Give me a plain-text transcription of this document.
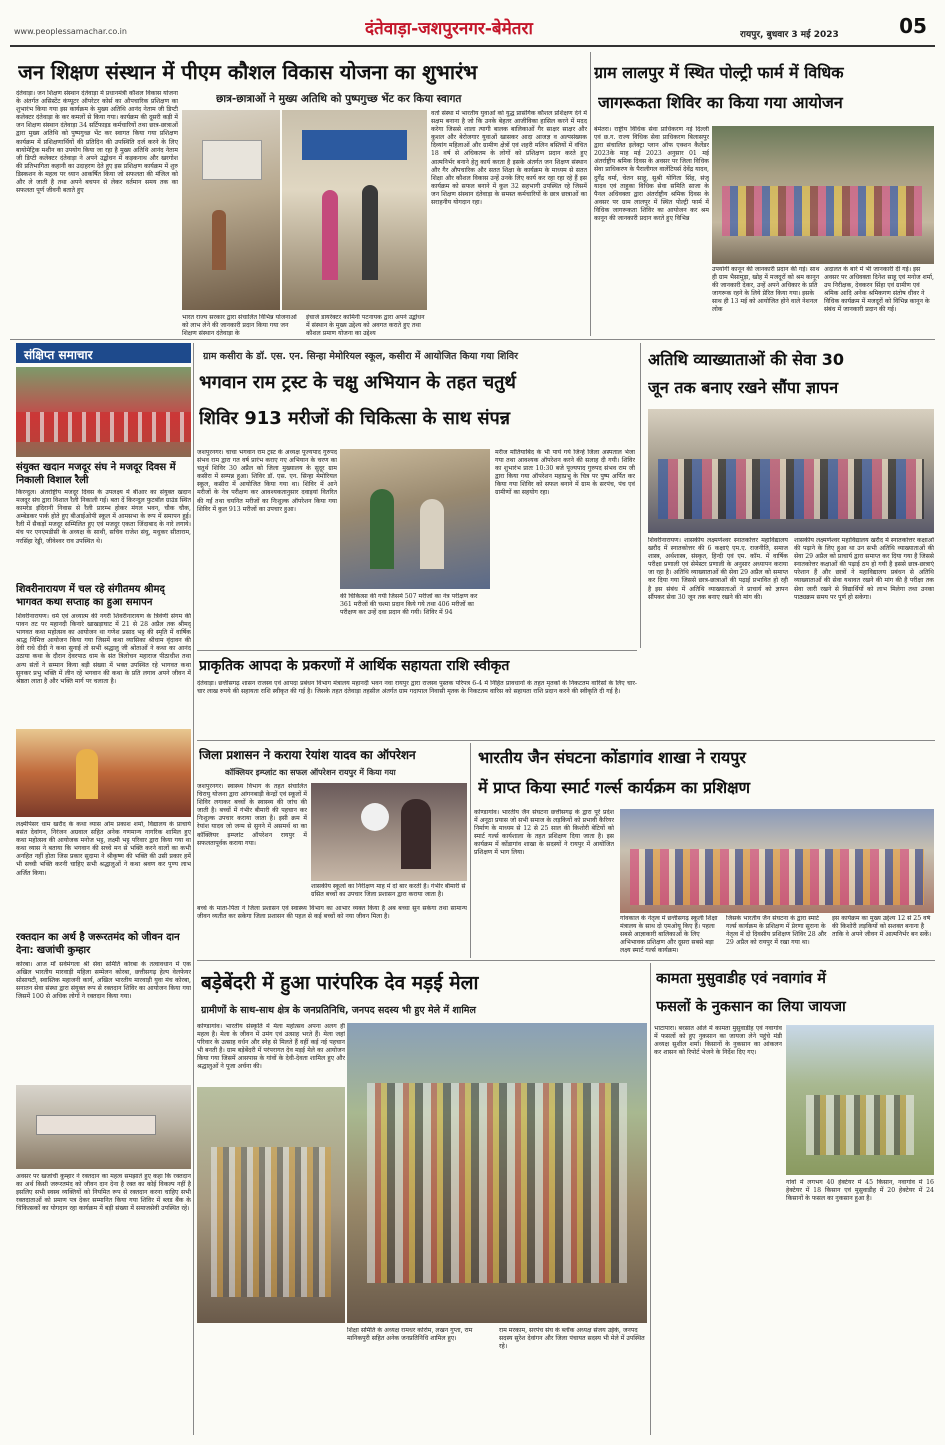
www.peoplessamachar.co.in	दंतेवाड़ा-जशपुरनगर-बेमेतरा	रायपुर, बुधवार 3 मई 2023	05
जन शिक्षण संस्थान में पीएम कौशल विकास योजना का शुभारंभ
छात्र-छात्राओं ने मुख्य अतिथि को पुष्पगुच्छ भेंट कर किया स्वागत
दंतेवाड़ा। जन शिक्षण संस्थान दंतेवाड़ा में प्रधानमंत्री कौशल विकास योजना के अंतर्गत असिस्टेंट कंप्यूटर ऑपरेटर कोर्स का औपचारिक प्रशिक्षण का शुभारंभ किया गया इस कार्यक्रम के मुख्य अतिथि आनंद नेताम जी डिप्टी कलेक्टर दंतेवाड़ा के कर कमलों से किया गया। कार्यक्रम की दूसरी कड़ी में जन शिक्षण संस्थान दंतेवाड़ा 34 सर्टिफाइड कर्मचारियों तथा छात्र-छात्राओं द्वारा मुख्य अतिथि को पुष्पगुच्छ भेंट कर स्वागत किया गया प्रशिक्षण कार्यक्रम में प्रशिक्षणार्थियों की प्रतिदिन की उपस्थिति दर्ज करने के लिए बायोमेट्रिक मशीन का उपयोग किया जा रहा है मुख्य अतिथि आनंद नेताम जी डिप्टी कलेक्टर दंतेवाड़ा ने अपने उद्बोधन में कड़कनाथ और खरगोश की प्रतिभागिता कहानी का उदाहरण देते हुए इस प्रशिक्षण कार्यक्रम में शुरु डिस्कशन के महत्व पर ध्यान आकर्षित किया जो सफलता की मंजिल को और ले जाती है तथा अपने बचपन से लेकर वर्तमान समय तक का सफलता पूर्ण जीवनी बताते हुए
भारत राज्य सरकार द्वारा संचालित विभिन्न योजनाओं को लाभ लेने की जानकारी प्रदान किया गया जन शिक्षण संस्थान दंतेवाड़ा के
इंचार्ज डायरेक्टर कामिनी पटनायक द्वारा अपने उद्बोधन में संस्थान के मुख्य उद्देश्य को अवगत कराते हुए तथा कौशल प्रमाण योजना का उद्देश्य
वर्तो संस्था में भारतीय युवाओं को युद्ध प्रासंगिक कौशल प्रशिक्षण देने में सक्षम बनाना है जो कि उनके बेहतर आजीविका हासिल करने में मदद करेगा जिससे शाला त्यागी बालक बालिकाओं गैर साक्षर साक्षर और कुशल और बेरोजगार युवाओं खासकर आदा आजज्ञ व अल्पसंख्यक दिव्यांग महिलाओं और ग्रामीण क्षेत्रों एवं शहरी मलिन बस्तियों में वंचित 18 वर्ष से अधिकतम के लोगों को प्रशिक्षण प्रदान करते हुए आत्मनिर्भर बनाने हेतु कार्य करता है इसके अंतर्गत जन शिक्षण संस्थान और गैर औपचारिक और सतत शिक्षा के कार्यक्रम के माध्यम से सतत शिक्षा और कौशल विकास उन्हें उनके लिए कार्य कर रहा रहा रहे हैं इस कार्यक्रम को सफल बनाने में कुल 32 सहभागी उपस्थित रहे जिसमें जन शिक्षण संस्थान दंतेवाड़ा के समस्त कर्मचारियों के छात्र छात्राओं का सराहनीय योगदान रहा।
ग्राम लालपुर में स्थित पोल्ट्री फार्म में विधिक
जागरूकता शिविर का किया गया आयोजन
बेमेतरा। राष्ट्रीय विधिक सेवा प्राधिकरण नई दिल्ली एवं छ.ग. राज्य विधिक सेवा प्राधिकरण बिलासपुर द्वारा संचालित इलेक्ट्रा प्लान ऑफ एक्शन कैलेंडर 2023के माह मई 2023 अनुसार 01 मई अंतर्राष्ट्रीय श्रमिक दिवस के अवसर पर जिला विधिक सेवा प्राधिकरण के पैरालीगल वालेंटियर्स देवेंद्र यादव, दुर्गेंद्र वर्मा, चेतन साहू, सुश्री योगिता सिंह, संजू यादव एवं ताहुका विधिक सेवा समिति साजा के पैनल अधिवक्ता द्वारा अंतर्राष्ट्रीय श्रमिक दिवस के अवसर पर ग्राम लालपुर में स्थित पोल्ट्री फार्म में विधिक जागरूकता शिविर का आयोजन कर श्रम कानून की जानकारी प्रदान करते हुए विभिन्न
उपयोगी कानून की जानकारी प्रदान की गई। साथ ही ग्राम भैसामुड़ा, खोह में मजदूरों को श्रम कानून की जानकारी देकर, उन्हें अपने अधिकार के प्रति जागरूक रहने के लिये प्रेरित किया गया। इसके साथ ही 13 मई को आयोजित होने वाले नेशनल लोक
अदालत के बारे में भी जानकारी दी गई। इस अवसर पर अधिवक्ता दिनेश साहू एवं मनोज शर्मा, उप निरीक्षक, देवकरन सिंहा एवं ग्रामीण एवं श्रमिक आदि अनेक श्रमिकगण संतोष धीवर ने विधिक कार्यक्रम में मजदूरों को विभिन्न कानून के संबंध में जानकारी प्रदान की गई।
संक्षिप्त समाचार
संयुक्त खदान मजदूर संघ ने मजदूर दिवस में निकाली विशाल रैली
किरन्दुल। अंतर्राष्ट्रीय मजदूर दिवस के उपलक्ष्य में बीआर का संयुक्त खदान मजदूर संघ द्वारा विशाल रैली निकाली गई। बता दें किरन्दुल फुटबॉल ग्राउंड स्थित कामरेड इंदिरानी निवास से रैली प्रारम्भ होकर मंगल भवन, चौक चौक, अम्बेडकर पार्क होते हुए बीआईओपी स्कूल में आमसभा के रूप में समापन हुई। रैली में सैकड़ों मजदूर सम्मिलित हुए एवं मजदूर एकता जिंदाबाद के नारे लगाये। मंच पर एनएमडीसी के अध्यक्ष के साथी, सचिव राजेश संधु, मधुकर सीताराम, नरसिंहा रेड्डी, जीवेश्वर राव उपस्थित थे।
शिवरीनारायण में चल रहे संगीतमय श्रीमद् भागवत कथा सप्ताह का हुआ समापन
शिवरीनारायण। धर्म एवं अध्यात्म की नगरी शिवरीनारायण के त्रिवेणी संगम की पावन तट पर महानदी किनारे खाखड़ाघाट में 21 से 28 अप्रैल तक श्रीमद् भागवत कथा महोत्सव का आयोजन था गणेश प्रसाद भट्ट की स्मृति में वार्षिक श्राद्ध निमित्त आयोजन किया गया जिसमें कथा व्यासिका श्रीधाम वृंदावन की देवी राधे दीदी ने कथा सुनाई तो सभी श्रद्धालु जी श्रोताओं ने कथा का आनंद उठाया कथा के दौरान देवरपाठ धाम के संत त्रिलोचन महाराज पीठाधीश तथा अन्य संतों ने सम्मान किया बड़ी संख्या में भक्त उपस्थित रहे भागवत कथा सुनकर प्रभु भक्ति में लीन रहे भगवान की कथा के प्रति लगाव अपने जीवन में श्रेष्ठता लाता है और भक्ति मार्ग पर चलाता है।
लक्ष्मीपेसर धाम खरौद के कथा व्यास ओम प्रकाश शर्मा, विद्यालय के प्राचार्य बसंत देवांगन, निरंजन अग्रवाल सहित अनेक गणमान्य नागरिक शामिल हुए कथा महोत्सव की आयोजक मनोज भट्ट, लक्ष्मी भट्ट परिवार द्वारा किया गया था कथा व्यास ने बताया कि भगवान की सच्चे मन से भक्ति करने वालों का कभी अनहित नहीं होता जिस प्रकार सुदामा ने श्रीकृष्ण की भक्ति की उसी प्रकार हमें भी सच्ची भक्ति करनी चाहिए सभी श्रद्धालुओं ने कथा श्रवण कर पुण्य लाभ अर्जित किया।
रक्तदान का अर्थ है जरूरतमंद को जीवन दान देना: खजांची कुम्हार
कोरबा। आज माँ सर्वमंगला श्री सेवा समिति कोरबा के तत्वावधान में एक अखिल भारतीय मारवाड़ी महिला सम्मेलन कोरबा, छत्तीसगढ़ हेल्प वेलफेयर सोसायटी, स्वास्तिक महाजनी कार्य, अखिल भारतीय मारवाड़ी युवा मंच कोरबा, सनातन सेवा संस्था द्वारा संयुक्त रूप से रक्तदान शिविर का आयोजन किया गया जिसमें 100 से अधिक लोगों ने रक्तदान किया गया।
अवसर पर खजांची कुम्हार ने रक्तदान का महत्व समझाते हुए कहा कि रक्तदान का अर्थ किसी जरूरतमंद को जीवन दान देना है रक्त का कोई विकल्प नहीं है इसलिए सभी स्वस्थ व्यक्तियों को नियमित रूप से रक्तदान करना चाहिए सभी रक्तदाताओं को प्रमाण पत्र देकर सम्मानित किया गया शिविर में ब्लड बैंक के चिकित्सकों का योगदान रहा कार्यक्रम में बड़ी संख्या में समाजसेवी उपस्थित रहे।
ग्राम कसीरा के डॉ. एस. एन. सिन्हा मेमोरियल स्कूल, कसीरा में आयोजित किया गया शिविर
भगवान राम ट्रस्ट के चक्षु अभियान के तहत चतुर्थ
शिविर 913 मरीजों की चिकित्सा के साथ संपन्न
जशपुरनगर। चाचा भगवान राम ट्रस्ट के अध्यक्ष पूज्यपाद गुरुपद संभव राम द्वारा गत वर्ष प्रारंभ कराए गए अभियान के चरण का चतुर्थ शिविर 30 अप्रैल को जिला मुख्यालय के सुदूर ग्राम कसीरा में सम्पन्न हुआ। शिविर डॉ. एस. एन. सिन्हा मेमोरियल स्कूल, कसीरा में आयोजित किया गया था। शिविर में आने मरीजों के नेत्र परीक्षण कर आवश्यकतानुसार दवाइयां वितरित की गईं तथा चयनित मरीजों का निःशुल्क ऑपरेशन किया गया शिविर में कुल 913 मरीजों का उपचार हुआ।
की चिकित्सा की गयी जिसमें 507 मरीजों का नेत्र परीक्षण कर 361 मरीजों की चश्मा प्रदान किये गये तथा 406 मरीजों का परीक्षण कर उन्हें दवा प्रदान की गयी। शिविर में 94
मरीज मोतियाबिंद के भी पाये गये जिन्हें जिला अस्पताल भेजा गया तथा आवश्यक ऑपरेशन करने की सलाह दी गयी। शिविर का शुभारंभ प्रातः 10:30 बजे पूज्यपाद गुरुपद संभव राम जी द्वारा किया गया ऑपरेशन महाप्रभु के चित्र पर पुष्प अर्पित कर किया गया शिविर को सफल बनाने में ग्राम के सरपंच, पंच एवं ग्रामीणों का सहयोग रहा।
अतिथि व्याख्याताओं की सेवा 30
जून तक बनाए रखने सौंपा ज्ञापन
शिवरीनारायण। शासकीय लक्ष्मणेश्वर स्नातकोत्तर महाविद्यालय खरौद में स्नातकोत्तर की 6 कक्षाएं एम.ए. राजनीति, समाज शास्त्र, अर्थशास्त्र, संस्कृत, हिन्दी एवं एम. कॉम. में वार्षिक परीक्षा प्रणाली एवं सेमेस्टर प्रणाली के अनुसार अध्यापन कराया जा रहा है। अतिथि व्याख्याताओं की सेवा 29 अप्रैल को समाप्त कर दिया गया जिससे छात्र-छात्राओं की पढ़ाई प्रभावित हो रही है इस संबंध में अतिथि व्याख्याताओं ने प्राचार्य को ज्ञापन सौंपकर सेवा 30 जून तक बनाए रखने की मांग की।
शासकीय लक्ष्मणेश्वर महाविद्यालय खरौद में स्नातकोत्तर कक्षाओं की पढ़ाने के लिए हुआ था उन सभी अतिथि व्याख्याताओं की सेवा 29 अप्रैल को प्राचार्य द्वारा समाप्त कर दिया गया है जिससे स्नातकोत्तर कक्षाओं की पढ़ाई ठप हो गयी है इससे छात्र-छात्राएं परेशान हैं और छात्रों ने महाविद्यालय प्रबंधन से अतिथि व्याख्याताओं की सेवा यथावत रखने की मांग की है परीक्षा तक सेवा जारी रखने से विद्यार्थियों को लाभ मिलेगा तथा उनका पाठ्यक्रम समय पर पूर्ण हो सकेगा।
प्राकृतिक आपदा के प्रकरणों में आर्थिक सहायता राशि स्वीकृत
दंतेवाड़ा। छत्तीसगढ़ शासन राजस्व एवं आपदा प्रबंधन विभाग मंत्रालय महानदी भवन नवा रायपुर द्वारा राजस्व पुस्तक परिपत्र 6-4 में निहित प्रावधानों के तहत मृतकों के निकटतम वारिसों के लिए चार-चार लाख रुपये की सहायता राशि स्वीकृत की गई है। जिसके तहत दंतेवाड़ा तहसील अंतर्गत ग्राम गदापाल निवासी मृतक के निकटतम वारिस को सहायता राशि प्रदान करने की स्वीकृति दी गई है।
जिला प्रशासन ने कराया रेयांश यादव का ऑपरेशन
कॉक्लियर इम्प्लांट का सफल ऑपरेशन रायपुर में किया गया
जशपुरनगर। स्वास्थ्य विभाग के तहत संचालित चिरायु योजना द्वारा आंगनबाड़ी केन्द्रों एवं स्कूलों में शिविर लगाकर बच्चों के स्वास्थ्य की जांच की जाती है। बच्चों में गंभीर बीमारी की पहचान कर निःशुल्क उपचार कराया जाता है। इसी क्रम में रेयांश यादव जो जन्म से सुनने में असमर्थ था का कॉक्लियर इम्प्लांट ऑपरेशन रायपुर में सफलतापूर्वक कराया गया।
शासकीय स्कूलों का निरीक्षण माह में दो बार करती है। गंभीर बीमारी से ग्रसित बच्चों का उपचार जिला प्रशासन द्वारा कराया जाता है।
बच्चे के माता-पिता ने जिला प्रशासन एवं स्वास्थ्य विभाग का आभार व्यक्त किया है अब बच्चा सुन सकेगा तथा सामान्य जीवन व्यतीत कर सकेगा जिला प्रशासन की पहल से कई बच्चों को नया जीवन मिला है।
भारतीय जैन संघटना कोंडागांव शाखा ने रायपुर
में प्राप्त किया स्मार्ट गर्ल्स कार्यक्रम का प्रशिक्षण
कोण्डागांव। भारतीय जैन संघटना छत्तीसगढ़ के द्वारा पूरे प्रदेश में अनूठा प्रयास जो सभी समाज के लड़कियों को प्रभावी कैरियर निर्माण के माध्यम से 12 से 25 साल की किशोरी बेटियों को स्मार्ट गर्ल्स कार्यशाला के तहत प्रशिक्षण दिया जाता है। इस कार्यक्रम में कोंडागांव शाखा के सदस्यों ने रायपुर में आयोजित प्रशिक्षण में भाग लिया।
गांवकाल के नेतृत्व में छत्तीसगढ़ स्कूली शिक्षा मंत्रालय के साथ दो एमओयू किए हैं। पहला सबसे आज्ञाकारी बालिकाओं के लिए अभिभावक प्रशिक्षण और दूसरा सबसे बड़ा लक्ष्य स्मार्ट गर्ल्स कार्यक्रम।
जिसके भारतीय जैन संघटना के द्वारा स्मार्ट गर्ल्स कार्यक्रम के प्रशिक्षण में प्रेरणा सुराना के नेतृत्व में दो दिवसीय प्रशिक्षण शिविर 28 और 29 अप्रैल को रायपुर में रखा गया था।
इस कार्यक्रम का मुख्य उद्देश्य 12 से 25 वर्ष की किशोरी लड़कियों को सशक्त बनाना है ताकि वे अपने जीवन में आत्मनिर्भर बन सकें।
बड़ेबेंदरी में हुआ पारंपरिक देव मड़ई मेला
ग्रामीणों के साथ-साथ क्षेत्र के जनप्रतिनिधि, जनपद सदस्य भी हुए मेले में शामिल
कोण्डागांव। भारतीय संस्कृति में मेला महोत्सव अपना अलग ही महत्व है। मेला के जीवन में उमंग एवं उत्साह भरते हैं। मेला जहां परिवार के उत्साह वर्धन और स्नेह से मिलते हैं वहीं कई नई पहचान भी बनती है। ग्राम बड़ेबेंदरी में परंपरागत देव मड़ई मेले का आयोजन किया गया जिसमें आसपास के गांवों के देवी-देवता शामिल हुए और श्रद्धालुओं ने पूजा अर्चना की।
शिक्षा समिति के अध्यक्ष रामधर कोर्राम, लखन गुप्ता, राम मानिकपुरी सहित अनेक जनप्रतिनिधि शामिल हुए।
राम मरकाम, सरपंच संघ के ब्लॉक अध्यक्ष संजय उईके, जनपद सदस्य सुरेश देवांगन और जिला पंचायत सदस्य भी मेले में उपस्थित रहे।
कामता मुसुवाडीह एवं नवागांव में
फसलों के नुकसान का लिया जायजा
भाटापारा। बरसात ओले में कामता मुसुवाडीह एवं नवागांव में फसलों को हुए नुकसान का जायजा लेने पहुंचे मंडी अध्यक्ष सुशील शर्मा। किसानों के नुकसान का आंकलन कर शासन को रिपोर्ट भेजने के निर्देश दिए गए।
गांवों में लगभग 40 हेक्टेयर में 45 किसान, नवागांव में 16 हेक्टेयर में 18 किसान एवं मुसुवाडीह में 20 हेक्टेयर में 24 किसानों के फसल का नुकसान हुआ है।
